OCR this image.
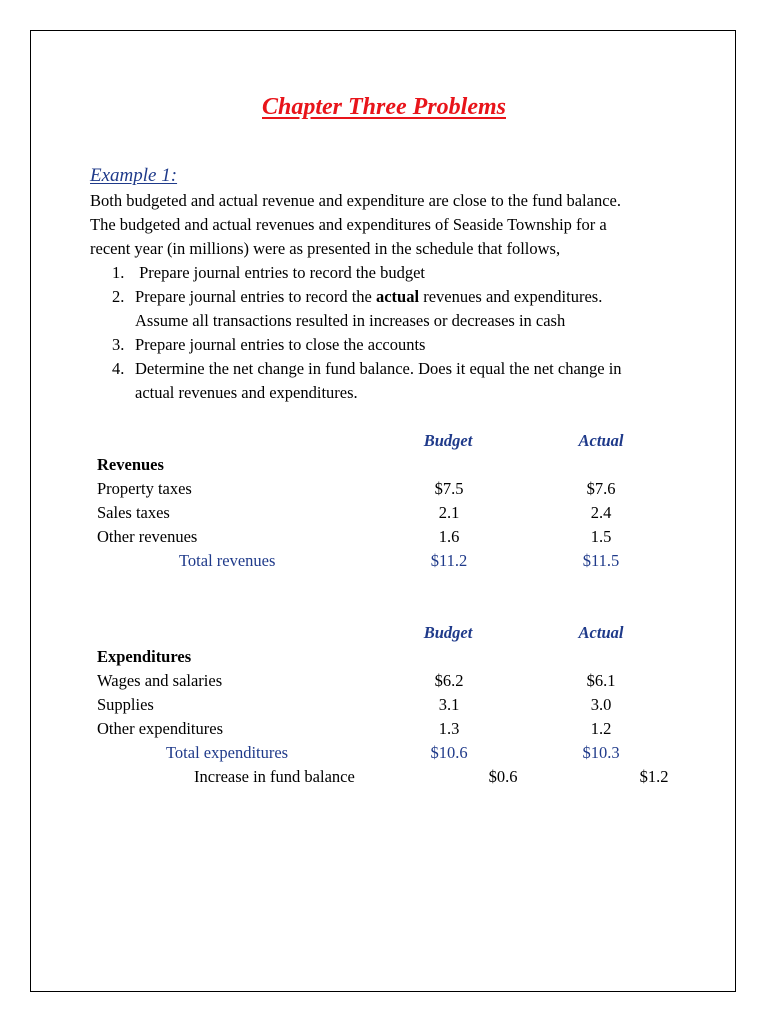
Chapter Three Problems
Example 1:
Both budgeted and actual revenue and expenditure are close to the fund balance.
The budgeted and actual revenues and expenditures of Seaside Township for a
recent year (in millions) were as presented in the schedule that follows,
1. Prepare journal entries to record the budget
2. Prepare journal entries to record the actual revenues and expenditures.
Assume all transactions resulted in increases or decreases in cash
3. Prepare journal entries to close the accounts
4. Determine the net change in fund balance. Does it equal the net change in
actual revenues and expenditures.
Budget	Actual
Revenues
Property taxes	$7.5	$7.6
Sales taxes	2.1	2.4
Other revenues	1.6	1.5
Total revenues	$11.2	$11.5
Budget	Actual
Expenditures
Wages and salaries	$6.2	$6.1
Supplies	3.1	3.0
Other expenditures	1.3	1.2
Total expenditures	$10.6	$10.3
Increase in fund balance	$0.6	$1.2
